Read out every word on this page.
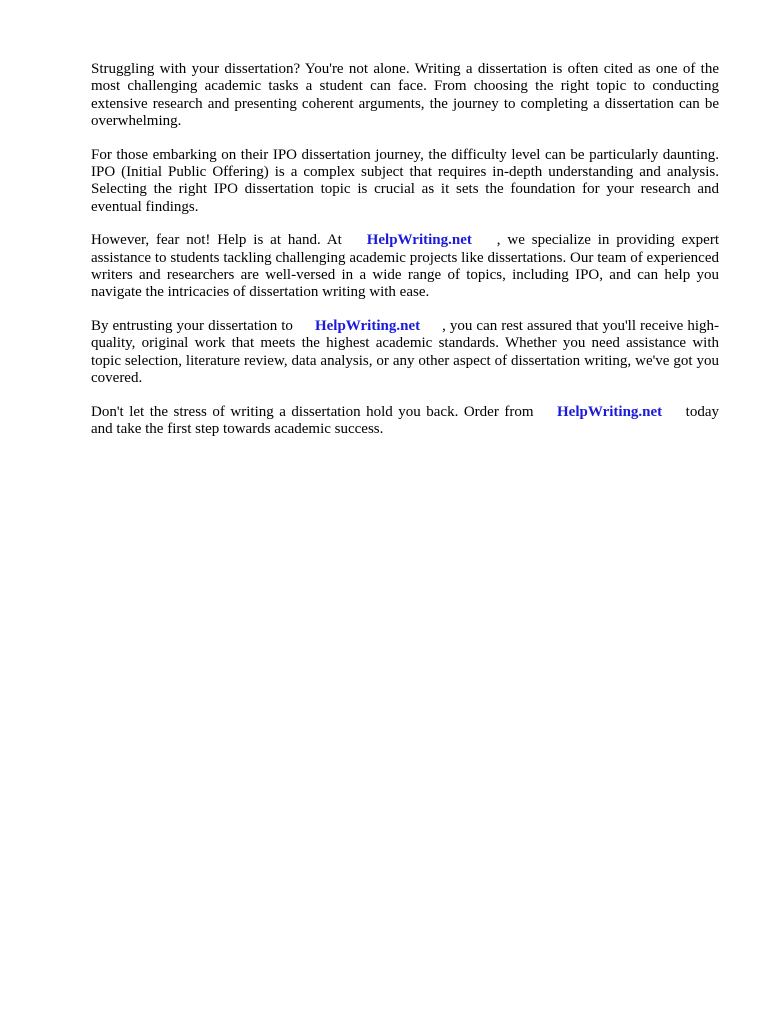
Struggling with your dissertation? You're not alone. Writing a dissertation is often cited as one of the most challenging academic tasks a student can face. From choosing the right topic to conducting extensive research and presenting coherent arguments, the journey to completing a dissertation can be overwhelming.

For those embarking on their IPO dissertation journey, the difficulty level can be particularly daunting. IPO (Initial Public Offering) is a complex subject that requires in-depth understanding and analysis. Selecting the right IPO dissertation topic is crucial as it sets the foundation for your research and eventual findings.

However, fear not! Help is at hand. At HelpWriting.net , we specialize in providing expert assistance to students tackling challenging academic projects like dissertations. Our team of experienced writers and researchers are well-versed in a wide range of topics, including IPO, and can help you navigate the intricacies of dissertation writing with ease.

By entrusting your dissertation to HelpWriting.net , you can rest assured that you'll receive high-quality, original work that meets the highest academic standards. Whether you need assistance with topic selection, literature review, data analysis, or any other aspect of dissertation writing, we've got you covered.

Don't let the stress of writing a dissertation hold you back. Order from HelpWriting.net today and take the first step towards academic success.
